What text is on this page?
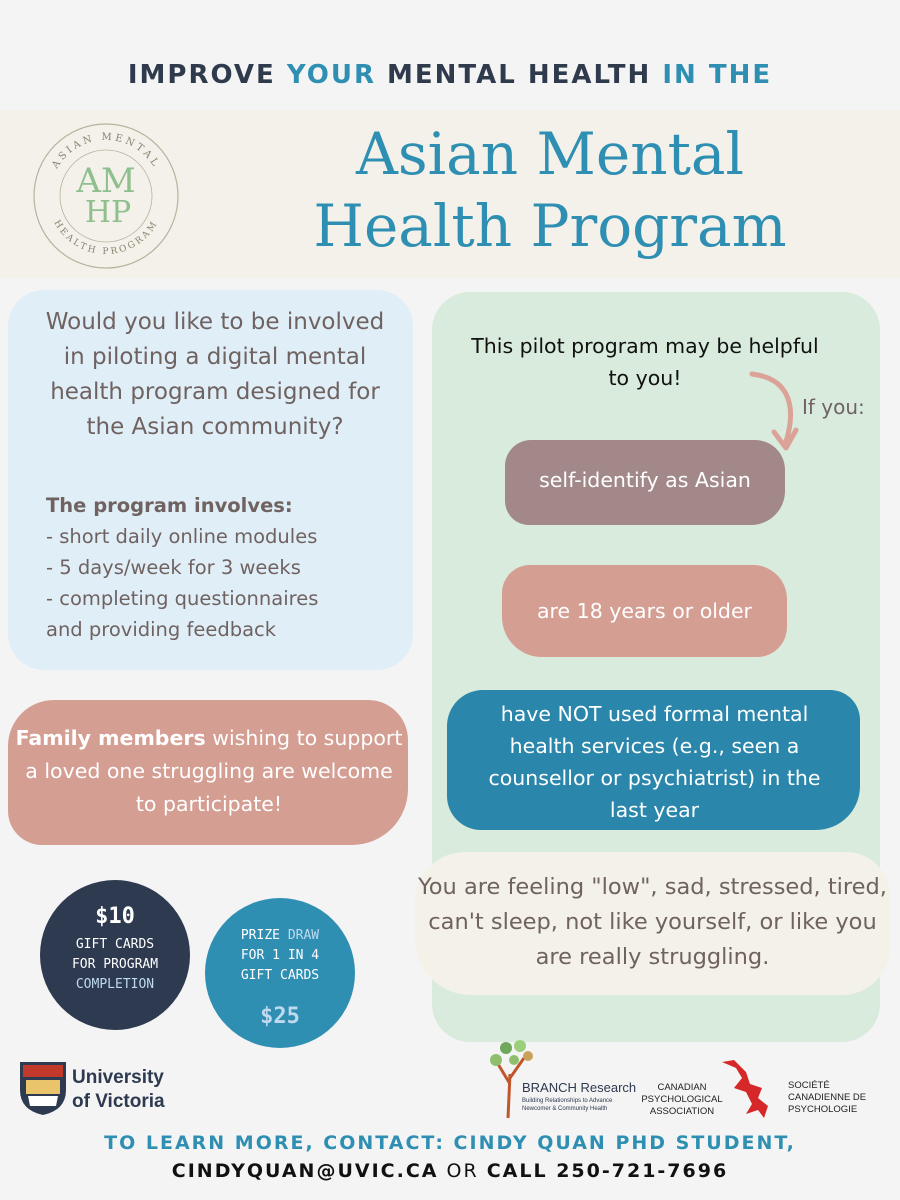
IMPROVE YOUR MENTAL HEALTH IN THE
ASIAN MENTAL
HEALTH PROGRAM
AM
HP
Asian Mental
Health Program
Would you like to be involved in piloting a digital mental health program designed for the Asian community?
The program involves:
- short daily online modules
- 5 days/week for 3 weeks
- completing questionnaires
and providing feedback
Family members wishing to support a loved one struggling are welcome to participate!
$10
GIFT CARDS
FOR PROGRAM
COMPLETION
PRIZE DRAW
FOR 1 IN 4
GIFT CARDS
$25
This pilot program may be helpful to you!
If you:
self-identify as Asian
are 18 years or older
have NOT used formal mental health services (e.g., seen a counsellor or psychiatrist) in the last year
You are feeling "low", sad, stressed, tired, can't sleep, not like yourself, or like you are really struggling.
University
of Victoria
BRANCH Research
Building Relationships to Advance Newcomer & Community Health
CANADIAN PSYCHOLOGICAL ASSOCIATION
SOCIÉTÉ CANADIENNE DE PSYCHOLOGIE
TO LEARN MORE, CONTACT: CINDY QUAN PHD STUDENT,
CINDYQUAN@UVIC.CA OR CALL 250-721-7696
